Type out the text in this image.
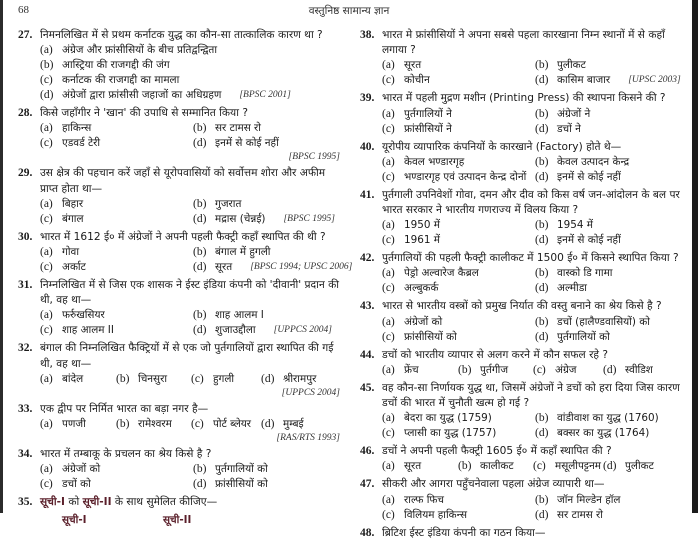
68	वस्तुनिष्ठ सामान्य ज्ञान
27. निमनलिखित में से प्रथम कर्नाटक युद्ध का कौन-सा तात्कालिक कारण था ?
(a) अंग्रेज और फ्रांसीसियों के बीच प्रतिद्वन्द्विता
(b) आस्ट्रिया की राजगद्दी की जंग
(c) कर्नाटक की राजगद्दी का मामला
(d) अंग्रेजों द्वारा फ्रांसीसी जहाजों का अधिग्रहण [BPSC 2001]
28. किसे जहाँगीर ने 'खान' की उपाधि से सम्मानित किया ?
(a) हाकिन्स	(b) सर टामस रो
(c) एडवर्ड टेरी	(d) इनमें से कोई नहीं
[BPSC 1995]
29. उस क्षेत्र की पहचान करें जहाँ से यूरोपवासियों को सर्वोत्तम शोरा और अफीम प्राप्त होता था—
(a) बिहार	(b) गुजरात
(c) बंगाल	(d) मद्रास (चेन्नई) [BPSC 1995]
30. भारत में 1612 ई० में अंग्रेजों ने अपनी पहली फैक्ट्री कहाँ स्थापित की थी ?
(a) गोवा	(b) बंगाल में हुगली
(c) अर्काट	(d) सूरत [BPSC 1994; UPSC 2006]
31. निम्नलिखित में से जिस एक शासक ने ईस्ट इंडिया कंपनी को 'दीवानी' प्रदान की थी, वह था—
(a) फर्रुखसियर	(b) शाह आलम I
(c) शाह आलम II	(d) शुजाउद्दौला [UPPCS 2004]
32. बंगाल की निम्नलिखित फैक्ट्रियों में से एक जो पुर्तगालियों द्वारा स्थापित की गई थी, वह था—
(a) बांदेल	(b) चिनसुरा (c) हुगली (d) श्रीरामपुर
[UPPCS 2004]
33. एक द्वीप पर निर्मित भारत का बड़ा नगर है—
(a) पणजी	(b) रामेश्वरम (c) पोर्ट ब्लेयर (d) मुम्बई
[RAS/RTS 1993]
34. भारत में तम्बाकू के प्रचलन का श्रेय किसे है ?
(a) अंग्रेजों को	(b) पुर्तगालियों को
(c) डचों को	(d) फ्रांसीसियों को
35. सूची-I को सूची-II के साथ सुमेलित कीजिए—
सूची-I	सूची-II
38. भारत मे फ्रांसीसियों ने अपना सबसे पहला कारखाना निम्न स्थानों में से कहाँ लगाया ?
(a) सूरत	(b) पुलीकट
(c) कोचीन	(d) कासिम बाजार [UPSC 2003]
39. भारत में पहली मुद्रण मशीन (Printing Press) की स्थापना किसने की ?
(a) पुर्तगालियों ने	(b) अंग्रेजों ने
(c) फ्रांसीसियों ने	(d) डचों ने
40. यूरोपीय व्यापारिक कंपनियों के कारखाने (Factory) होते थे—
(a) केवल भण्डारगृह	(b) केवल उत्पादन केन्द्र
(c) भण्डारगृह एवं उत्पादन केन्द्र दोनों (d) इनमें से कोई नहीं
41. पुर्तगाली उपनिवेशों गोवा, दमन और दीव को किस वर्ष जन-आंदोलन के बल पर भारत सरकार ने भारतीय गणराज्य में विलय किया ?
(a) 1950 में	(b) 1954 में
(c) 1961 में	(d) इनमें से कोई नहीं
42. पुर्तगालियों की पहली फैक्ट्री कालीकट में 1500 ई० में किसने स्थापित किया ?
(a) पेड्रो अल्वारेज कैब्रल	(b) वास्को डि गामा
(c) अल्बुकर्क	(d) अल्मीडा
43. भारत से भारतीय वस्त्रों को प्रमुख निर्यात की वस्तु बनाने का श्रेय किसे है ?
(a) अंग्रेजों को	(b) डचों (हालैण्डवासियों) को
(c) फ्रांसीसियों को	(d) पुर्तगालियों को
44. डचों को भारतीय व्यापार से अलग करने में कौन सफल रहे ?
(a) फ्रेंच	(b) पुर्तगीज (c) अंग्रेज (d) स्वीडिश
45. वह कौन-सा निर्णायक युद्ध था, जिसमें अंग्रेजों ने डचों को हरा दिया जिस कारण डचों की भारत में चुनौती खत्म हो गई ?
(a) बेदरा का युद्ध (1759)	(b) वांडीवाश का युद्ध (1760)
(c) प्लासी का युद्ध (1757)	(d) बक्सर का युद्ध (1764)
46. डचों ने अपनी पहली फैक्ट्री 1605 ई० में कहाँ स्थापित की ?
(a) सूरत	(b) कालीकट (c) मसूलीपट्टनम (d) पुलीकट
47. सीकरी और आगरा पहुँचनेवाला पहला अंग्रेज व्यापारी था—
(a) राल्फ फिच	(b) जॉन मिल्डेन हॉल
(c) विलियम हाकिन्स	(d) सर टामस रो
48. ब्रिटिश ईस्ट इंडिया कंपनी का गठन किया—
